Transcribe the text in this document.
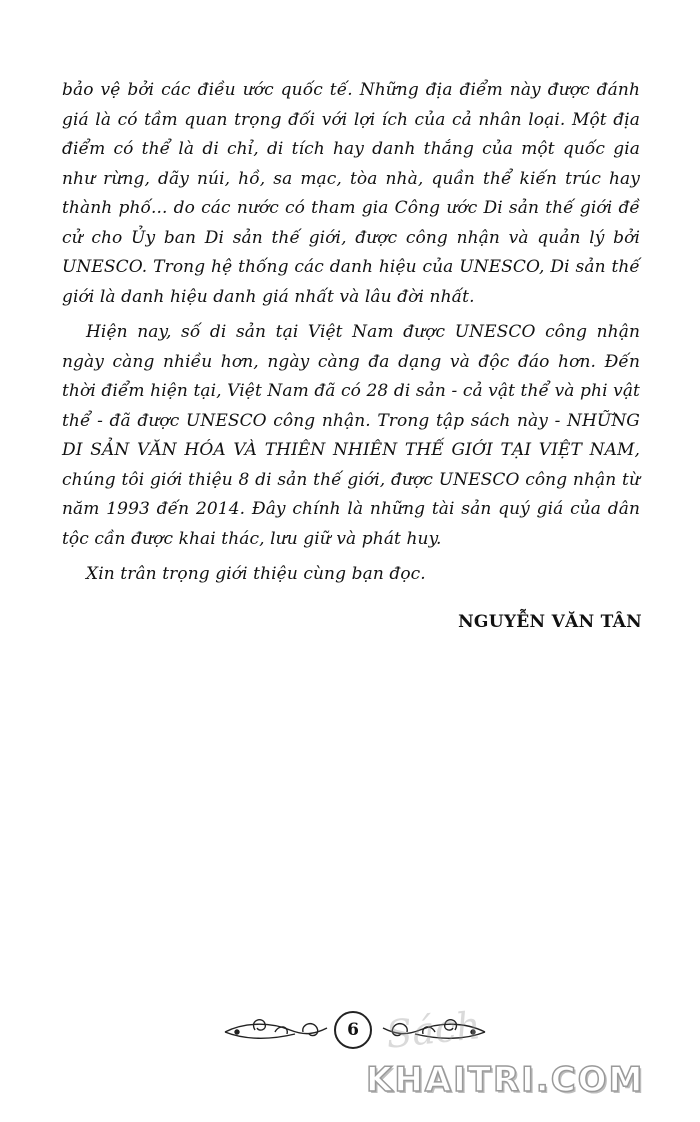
bảo vệ bởi các điều ước quốc tế. Những địa điểm này được đánh giá là có tầm quan trọng đối với lợi ích của cả nhân loại. Một địa điểm có thể là di chỉ, di tích hay danh thắng của một quốc gia như rừng, dãy núi, hồ, sa mạc, tòa nhà, quần thể kiến trúc hay thành phố... do các nước có tham gia Công ước Di sản thế giới đề cử cho Ủy ban Di sản thế giới, được công nhận và quản lý bởi UNESCO. Trong hệ thống các danh hiệu của UNESCO, Di sản thế giới là danh hiệu danh giá nhất và lâu đời nhất.

Hiện nay, số di sản tại Việt Nam được UNESCO công nhận ngày càng nhiều hơn, ngày càng đa dạng và độc đáo hơn. Đến thời điểm hiện tại, Việt Nam đã có 28 di sản - cả vật thể và phi vật thể - đã được UNESCO công nhận. Trong tập sách này - NHỮNG DI SẢN VĂN HÓA VÀ THIÊN NHIÊN THẾ GIỚI TẠI VIỆT NAM, chúng tôi giới thiệu 8 di sản thế giới, được UNESCO công nhận từ năm 1993 đến 2014. Đây chính là những tài sản quý giá của dân tộc cần được khai thác, lưu giữ và phát huy.

Xin trân trọng giới thiệu cùng bạn đọc.

NGUYỄN VĂN TÂN
6 Sách
KHAITRI.COM
